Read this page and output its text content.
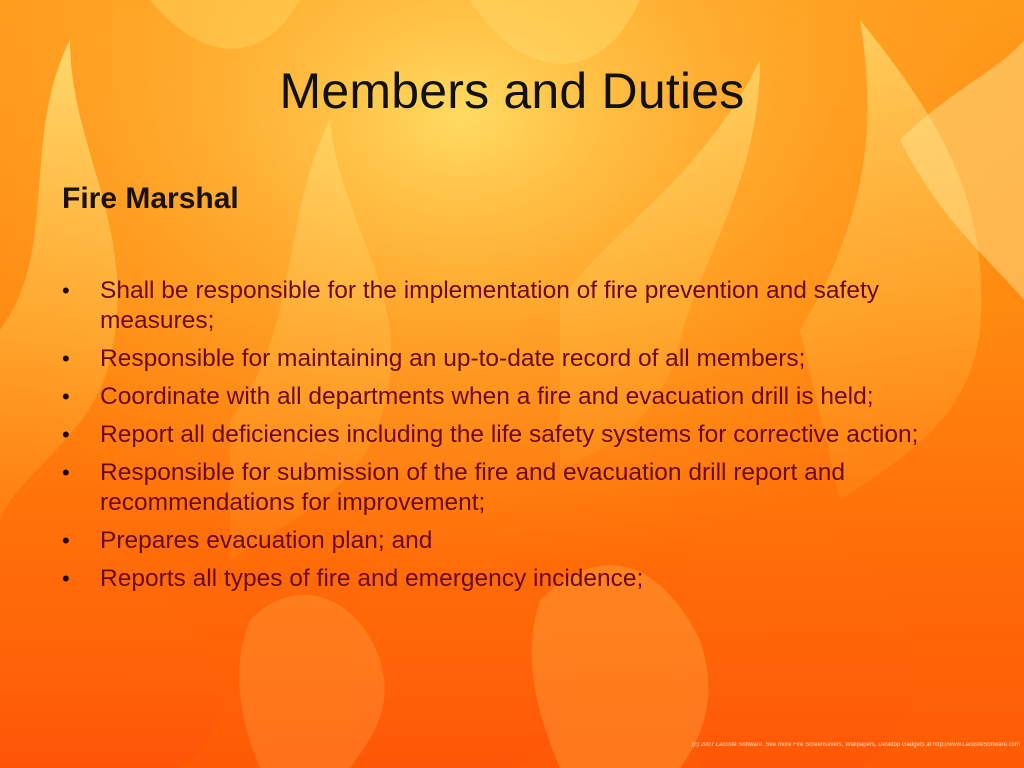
Members and Duties
Fire Marshal
• Shall be responsible for the implementation of fire prevention and safety measures;
• Responsible for maintaining an up-to-date record of all members;
• Coordinate with all departments when a fire and evacuation drill is held;
• Report all deficiencies including the life safety systems for corrective action;
• Responsible for submission of the fire and evacuation drill report and recommendations for improvement;
• Prepares evacuation plan; and
• Reports all types of fire and emergency incidence;
(c) 2007 Lacoste Software. See more Fire Screensavers, Wallpapers, Desktop Gadgets at http://www.LacosteSoftware.com
